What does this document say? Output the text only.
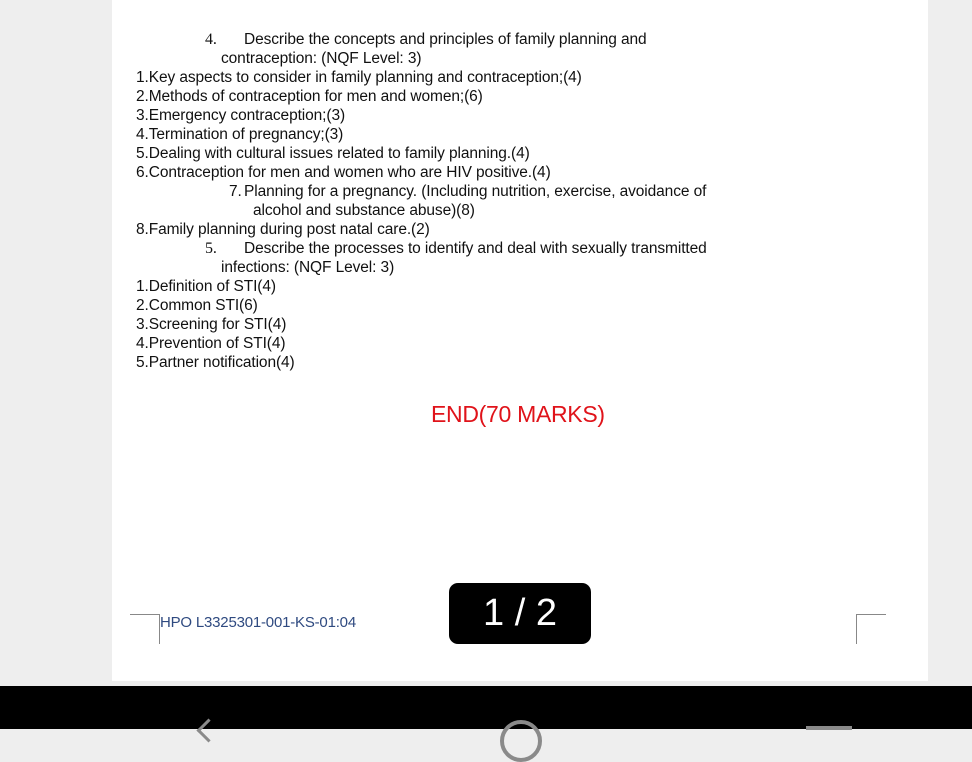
4. Describe the concepts and principles of family planning and
contraception: (NQF Level: 3)
1.Key aspects to consider in family planning and contraception;(4)
2.Methods of contraception for men and women;(6)
3.Emergency contraception;(3)
4.Termination of pregnancy;(3)
5.Dealing with cultural issues related to family planning.(4)
6.Contraception for men and women who are HIV positive.(4)
7. Planning for a pregnancy. (Including nutrition, exercise, avoidance of
alcohol and substance abuse)(8)
8.Family planning during post natal care.(2)
5. Describe the processes to identify and deal with sexually transmitted
infections: (NQF Level: 3)
1.Definition of STI(4)
2.Common STI(6)
3.Screening for STI(4)
4.Prevention of STI(4)
5.Partner notification(4)
END(70 MARKS)
HPO L3325301-001-KS-01:04	1 / 2
